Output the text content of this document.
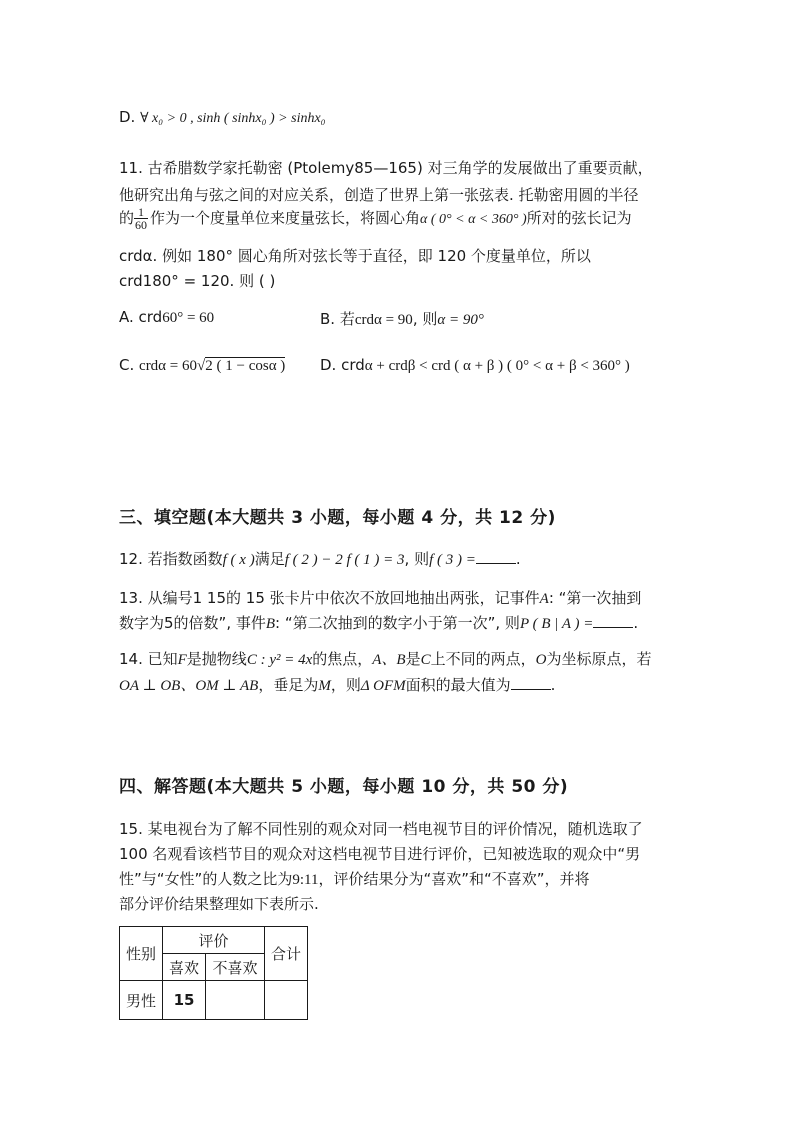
D. ∀ x₀ > 0 , sinh ( sinhx₀ ) > sinhx₀
11. 古希腊数学家托勒密 (Ptolemy85—165) 对三角学的发展做出了重要贡献，
他研究出角与弦之间的对应关系，创造了世界上第一张弦表. 托勒密用圆的半径
的 $\frac{1}{60}$ 作为一个度量单位来度量弦长，将圆心角α ( 0° < α < 360° )所对的弦长记为
crdα. 例如 180° 圆心角所对弦长等于直径，即 120 个度量单位，所以
crd180° = 120. 则 ( )
A. crd60° = 60	B. 若crdα = 90, 则α = 90°
C. crdα = 60√2 ( 1 − cosα ) D. crdα + crdβ < crd ( α + β ) ( 0° < α + β < 360° )
三、填空题(本大题共 3 小题，每小题 4 分，共 12 分)
12. 若指数函数f ( x )满足f ( 2 ) − 2 f ( 1 ) = 3, 则f ( 3 ) =	.
13. 从编号1 15的 15 张卡片中依次不放回地抽出两张，记事件A: “第一次抽到
数字为5的倍数”, 事件B: “第二次抽到的数字小于第一次”, 则P ( B | A ) =	.
14. 已知F是抛物线C : y² = 4x的焦点，A、B是C上不同的两点，O为坐标原点，若
OA ⊥ OB、OM ⊥ AB，垂足为M，则Δ OFM面积的最大值为	.
四、解答题(本大题共 5 小题，每小题 10 分，共 50 分)
15. 某电视台为了解不同性别的观众对同一档电视节目的评价情况，随机选取了
100 名观看该档节目的观众对这档电视节目进行评价，已知被选取的观众中“男
性”与“女性”的人数之比为9:11，评价结果分为“喜欢”和“不喜欢”，并将
部分评价结果整理如下表所示.
性别	评价		合计
	喜欢	不喜欢	
男性	15		
